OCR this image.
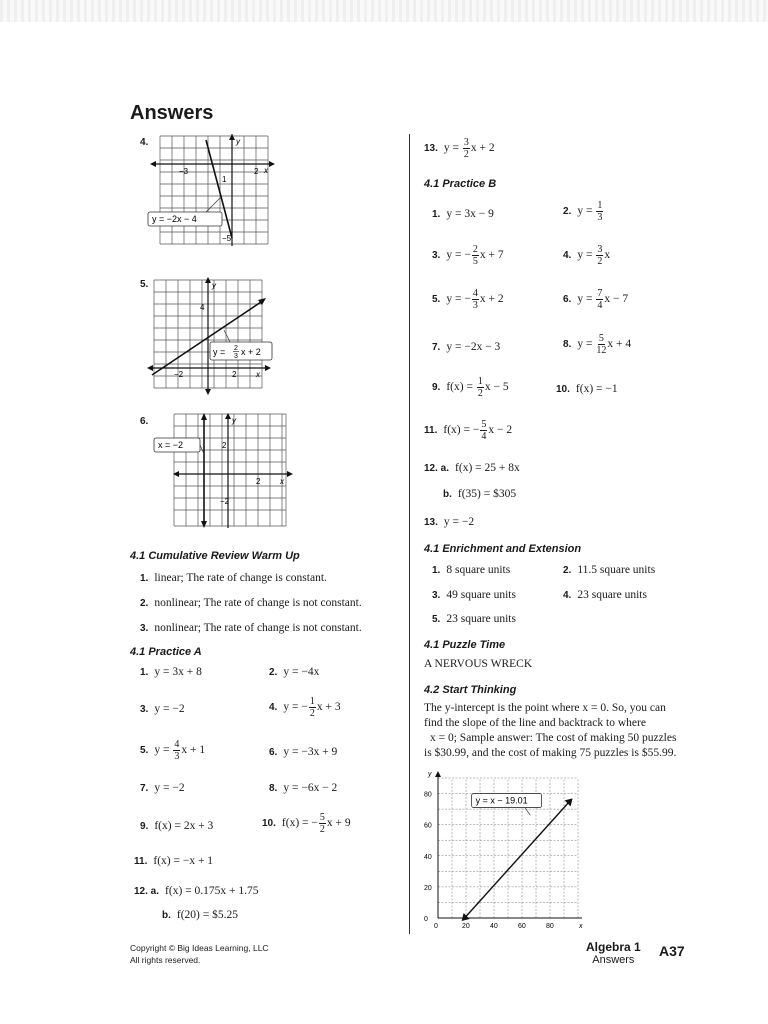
Answers
4.	y
x
−3	2
1
−5
y = −2x − 4
5.	y
x
−2	2
4
y = 2
3 x + 2
6.	y
x
2
2
−2
x = −2
4.1 Cumulative Review Warm Up
1. linear; The rate of change is constant.
2. nonlinear; The rate of change is not constant.
3. nonlinear; The rate of change is not constant.
4.1 Practice A
1. y = 3x + 8	2. y = −4x
3. y = −2	4. y = − $\frac{1}{2}$ x + 3
5. $y = \frac{4}{3}$ x + 1	6. y = −3x + 9
7. y = −2	8. y = −6x − 2
9. f(x) = 2x + 3	10. f(x) = − $\frac{5}{2}$ x + 9
11. f(x) = −x + 1
12. a. f(x) = 0.175x + 1.75
b. f(20) = $5.25
13. $y = \frac{3}{2}$ x + 2
4.1 Practice B
1. y = 3x − 9	2. $y = \frac{1}{3}$
3. y = − $\frac{2}{5}$ x + 7	4. $y = \frac{3}{2}$ x
5. y = − $\frac{4}{3}$ x + 2	6. $y = \frac{7}{4}$ x − 7
7. y = −2x − 3	8. $y = \frac{5}{12}$ x + 4
9. $f(x) = \frac{1}{2}$ x − 5	10. f(x) = −1
11. f(x) = − $\frac{5}{4}$ x − 2
12. a. f(x) = 25 + 8x
b. f(35) = $305
13. y = −2
4.1 Enrichment and Extension
1. 8 square units	2. 11.5 square units
3. 49 square units	4. 23 square units
5. 23 square units
4.1 Puzzle Time
A NERVOUS WRECK
4.2 Start Thinking
The y-intercept is the point where x = 0. So, you can
find the slope of the line and backtrack to where
x = 0; Sample answer: The cost of making 50 puzzles
is $30.99, and the cost of making 75 puzzles is $55.99.
0	20	40	60	80
0
20
40
60
80
x
y
y = x − 19.01
Copyright © Big Ideas Learning, LLC
All rights reserved.
Algebra 1
Answers
A37
